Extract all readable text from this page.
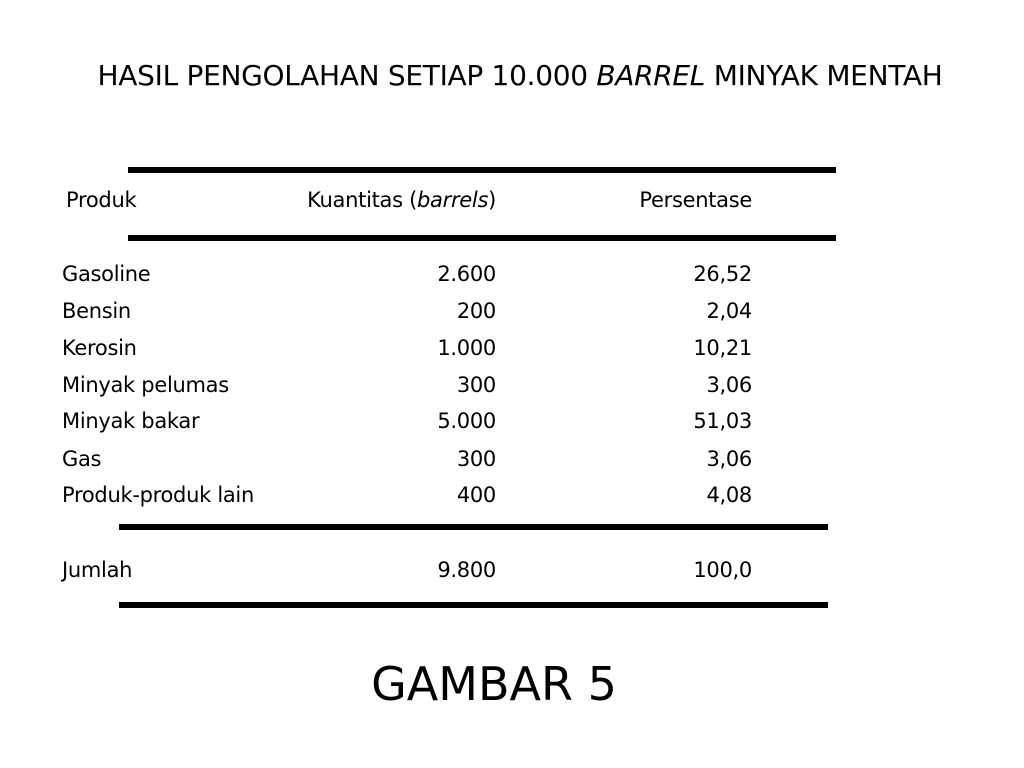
HASIL PENGOLAHAN SETIAP 10.000 BARREL MINYAK MENTAH
Produk	Kuantitas (barrels)	Persentase
Gasoline	2.600	26,52
Bensin	200	2,04
Kerosin	1.000	10,21
Minyak pelumas	300	3,06
Minyak bakar	5.000	51,03
Gas	300	3,06
Produk-produk lain	400	4,08
Jumlah	9.800	100,0
GAMBAR 5
